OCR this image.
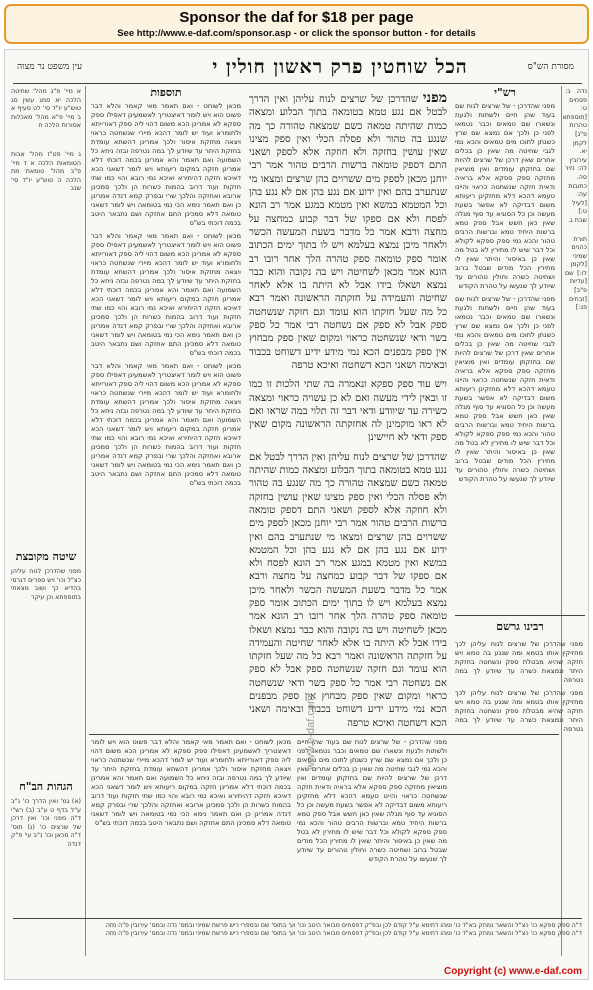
Sponsor the daf for $18 per page
See http://www.e-daf.com/sponsor.asp - or click the sponsor button - for details
עין משפט נר מצוה	הכל שוחטין פרק ראשון חולין י	מסורת הש"ס

א מיי' פ"ג מהל' שחיטה הלכה יא סמג עשין סג טוש"ע יו"ד סי' לט סעיף א ב מיי' פ"א מהל' מאכלות אסורות הלכה ח

ג מיי' פט"ז מהל' אבות הטומאות הלכה א ד מיי' פ"ב מהל' טומאת מת הלכה ה טוש"ע יו"ד סי' שנב

שיטה מקובצת

מפני שהדרכן לנוח עליהן כצ"ל וכו' ויש ספרים דגרסי בהדיא כך ושוב מצאתי בתוספתא וכן עיקר

הגהות הב"ח

(א) גמ' ואין הדרך כו' נ"ב ע"ל בדף ט ע"ב (ב) רש"י ד"ה מפני וכו' ואין דרכן של שרצים כו' (ג) תוס' ד"ה מכאן וכו' נ"ב עי' פ"ק דנדה

תוספות

מכאן לשוחט - ואם תאמר מאי קאמר והלא דבר פשוט הוא ויש לומר דאיצטריך לאשמעינן דאפילו ספק ספקא לא אמרינן הכא משום דהוי ליה ספק דאורייתא ולחומרא ועוד יש לומר דהכא מיירי שנשחטה כראוי ויצאה מחזקת איסור ולכך אמרינן דהשתא עומדת בחזקת היתר עד שיודע לך במה נטרפה ובזה ניחא כל השמועה ואם תאמר והא אמרינן בכמה דוכתי דלא אמרינן חזקה במקום ריעותא ויש לומר דשאני הכא דאיכא חזקה דהיתירא ואיכא נמי רובא והוי כמו שתי חזקות ועוד דרוב בהמות כשרות הן ולכך סמכינן ארובא ואחזקה והלכך שרי ובפרק קמא דנדה אמרינן כן ואם תאמר נימא הכי נמי בטומאה ויש לומר דשאני טומאה דלא סמכינן התם אחזקה ושם נתבאר היטב בכמה דוכתי בש"ס

מכאן לשוחט - ואם תאמר מאי קאמר והלא דבר פשוט הוא ויש לומר דאיצטריך לאשמעינן דאפילו ספק ספקא לא אמרינן הכא משום דהוי ליה ספק דאורייתא ולחומרא ועוד יש לומר דהכא מיירי שנשחטה כראוי ויצאה מחזקת איסור ולכך אמרינן דהשתא עומדת בחזקת היתר עד שיודע לך במה נטרפה ובזה ניחא כל השמועה ואם תאמר והא אמרינן בכמה דוכתי דלא אמרינן חזקה במקום ריעותא ויש לומר דשאני הכא דאיכא חזקה דהיתירא ואיכא נמי רובא והוי כמו שתי חזקות ועוד דרוב בהמות כשרות הן ולכך סמכינן ארובא ואחזקה והלכך שרי ובפרק קמא דנדה אמרינן כן ואם תאמר נימא הכי נמי בטומאה ויש לומר דשאני טומאה דלא סמכינן התם אחזקה ושם נתבאר היטב בכמה דוכתי בש"ס

מכאן לשוחט - ואם תאמר מאי קאמר והלא דבר פשוט הוא ויש לומר דאיצטריך לאשמעינן דאפילו ספק ספקא לא אמרינן הכא משום דהוי ליה ספק דאורייתא ולחומרא ועוד יש לומר דהכא מיירי שנשחטה כראוי ויצאה מחזקת איסור ולכך אמרינן דהשתא עומדת בחזקת היתר עד שיודע לך במה נטרפה ובזה ניחא כל השמועה ואם תאמר והא אמרינן בכמה דוכתי דלא אמרינן חזקה במקום ריעותא ויש לומר דשאני הכא דאיכא חזקה דהיתירא ואיכא נמי רובא והוי כמו שתי חזקות ועוד דרוב בהמות כשרות הן ולכך סמכינן ארובא ואחזקה והלכך שרי ובפרק קמא דנדה אמרינן כן ואם תאמר נימא הכי נמי בטומאה ויש לומר דשאני טומאה דלא סמכינן התם אחזקה ושם נתבאר היטב בכמה דוכתי בש"ס

מפני שהדרכן של שרצים לנוח עליהן ואין הדרך לבטל אם נגע טמא בטומאה בתוך הבלוע ומצאה כמות שהיתה טמאה כשם שמצאה טהורה כך מה שנגע בה טהור ולא פסלה הכלי ואין ספק מצינו שאין עושין בחזקה ולא חוזקה אלא לספק ושאני התם דספק טומאה ברשות הרבים טהור אמר רבי יוחנן מכאן לספק מים ששרוים בהן שרצים ומצאו מי שנתערב בהם ואין ידוע אם נגע בהן אם לא נגע בהן וכל המטמא במשא ואין מטמא במגע אמר רב הונא לפסח ולא אם ספקו של דבר קבוע כמחצה על מחצה ורבא אמר כל מדבר בשעת המעשה הכשר ולאחר מיכן נמצא בעלמא ויש לו בתוך ימים הכתוב אומר ספק טומאה ספק טהרה הלך אחר רובו רב הונא אמר מכאן לשחיטה ויש בה נקובה והוא כבר נמצא ושאלו בידו אבל לא היתה בו אלא לאחר שחיטה והעמידה על חזקתה הראשונה ואמר רבא כל מה שעל חזקתו הוא עומד וגם חזקה שנשחטה ספק אבל לא ספק אם נשחטה רבי אמר כל ספק בשר ודאי שנשחטה כראוי ומקום שאין ספק מבחוץ אין ספק מבפנים הכא נמי מידע ידיע דשוחט בכבוד ובאימה ושאני הכא דשחטה ואיכא טרפה

ויש עוד ספק ספקא ונאמרה בה שתי הלכות זו כמו זו ובאין לידי מעשה ואם לא כן עשויה כראוי ומצאה כשירה עד שיוודע ודאי דבר זה תלוי במה שראו ואם לא ראו מוקמינן לה אחזקתה הראשונה מקום שאין ספק ודאי לא חיישינן

שהדרכן של שרצים לנוח עליהן ואין הדרך לבטל אם נגע טמא בטומאה בתוך הבלוע ומצאה כמות שהיתה טמאה כשם שמצאה טהורה כך מה שנגע בה טהור ולא פסלה הכלי ואין ספק מצינו שאין עושין בחזקה ולא חוזקה אלא לספק ושאני התם דספק טומאה ברשות הרבים טהור אמר רבי יוחנן מכאן לספק מים ששרוים בהן שרצים ומצאו מי שנתערב בהם ואין ידוע אם נגע בהן אם לא נגע בהן וכל המטמא במשא ואין מטמא במגע אמר רב הונא לפסח ולא אם ספקו של דבר קבוע כמחצה על מחצה ורבא אמר כל מדבר בשעת המעשה הכשר ולאחר מיכן נמצא בעלמא ויש לו בתוך ימים הכתוב אומר ספק טומאה ספק טהרה הלך אחר רובו רב הונא אמר מכאן לשחיטה ויש בה נקובה והוא כבר נמצא ושאלו בידו אבל לא היתה בו אלא לאחר שחיטה והעמידה על חזקתה הראשונה ואמר רבא כל מה שעל חזקתו הוא עומד וגם חזקה שנשחטה ספק אבל לא ספק אם נשחטה רבי אמר כל ספק בשר ודאי שנשחטה כראוי ומקום שאין ספק מבחוץ אין ספק מבפנים הכא נמי מידע ידיע דשוחט בכבוד ובאימה ושאני הכא דשחטה ואיכא טרפה

רש"י

מפני שהדרכן - של שרצים לנוח שם בעוד שהן חיים ולשתות ולגעת ונשארו שם טמאים וכבר נטמאו לפני כן ולכך אם נמצא שם שרץ כשנתן לתוכו מים טמאים והכא נמי לגבי שחיטה מה שאין כן בכלים אחרים שאין דרכן של שרצים להיות שם בחזקתן עומדים ואין מוציאין מחזקה ספק ספקא אלא בראיה ודאית חזקה שנשחטה כראוי והיינו טעמא דהכא דלא מחזקינן ריעותא משום דבדיקה לא אפשר בשעת מעשה וכן כל הסוגיא עד סוף מגלה שאין כאן חשש אבל ספק טמא ברשות היחיד טמא וברשות הרבים טהור והכא נמי ספק ספקא לקולא וכל דבר שיש לו מתירין לא בטל מה שאין כן באיסור והיתר שאין לו מתירין הכל מודים שבטל ברוב ושחיטה כשרה וחולין טהורים עד שיודע לך שנעשו על טהרת הקודש

מפני שהדרכן - של שרצים לנוח שם בעוד שהן חיים ולשתות ולגעת ונשארו שם טמאים וכבר נטמאו לפני כן ולכך אם נמצא שם שרץ כשנתן לתוכו מים טמאים והכא נמי לגבי שחיטה מה שאין כן בכלים אחרים שאין דרכן של שרצים להיות שם בחזקתן עומדים ואין מוציאין מחזקה ספק ספקא אלא בראיה ודאית חזקה שנשחטה כראוי והיינו טעמא דהכא דלא מחזקינן ריעותא משום דבדיקה לא אפשר בשעת מעשה וכן כל הסוגיא עד סוף מגלה שאין כאן חשש אבל ספק טמא ברשות היחיד טמא וברשות הרבים טהור והכא נמי ספק ספקא לקולא וכל דבר שיש לו מתירין לא בטל מה שאין כן באיסור והיתר שאין לו מתירין הכל מודים שבטל ברוב ושחיטה כשרה וחולין טהורים עד שיודע לך שנעשו על טהרת הקודש

נדה ב: פסחים ט: [תוספתא טהרות פ"ג] לקמן יא. עירובין לה: נזיר סה. כתובות עה: [לעיל ט:] שבת ג.

תורת כהנים שמיני [לקמן לו:] שם [עדיות פ"ב] [זבחים פג:]

רבינו גרשם

מכאן לשוחט - ואם תאמר מאי קאמר והלא דבר פשוט הוא ויש לומר דאיצטריך לאשמעינן דאפילו ספק ספקא לא אמרינן הכא משום דהוי ליה ספק דאורייתא ולחומרא ועוד יש לומר דהכא מיירי שנשחטה כראוי ויצאה מחזקת איסור ולכך אמרינן דהשתא עומדת בחזקת היתר עד שיודע לך במה נטרפה ובזה ניחא כל השמועה ואם תאמר והא אמרינן בכמה דוכתי דלא אמרינן חזקה במקום ריעותא ויש לומר דשאני הכא דאיכא חזקה דהיתירא ואיכא נמי רובא והוי כמו שתי חזקות ועוד דרוב בהמות כשרות הן ולכך סמכינן ארובא ואחזקה והלכך שרי ובפרק קמא דנדה אמרינן כן ואם תאמר נימא הכי נמי בטומאה ויש לומר דשאני טומאה דלא סמכינן התם אחזקה ושם נתבאר היטב בכמה דוכתי בש"ס

מפני שהדרכן - של שרצים לנוח שם בעוד שהן חיים ולשתות ולגעת ונשארו שם טמאים וכבר נטמאו לפני כן ולכך אם נמצא שם שרץ כשנתן לתוכו מים טמאים והכא נמי לגבי שחיטה מה שאין כן בכלים אחרים שאין דרכן של שרצים להיות שם בחזקתן עומדים ואין מוציאין מחזקה ספק ספקא אלא בראיה ודאית חזקה שנשחטה כראוי והיינו טעמא דהכא דלא מחזקינן ריעותא משום דבדיקה לא אפשר בשעת מעשה וכן כל הסוגיא עד סוף מגלה שאין כאן חשש אבל ספק טמא ברשות היחיד טמא וברשות הרבים טהור והכא נמי ספק ספקא לקולא וכל דבר שיש לו מתירין לא בטל מה שאין כן באיסור והיתר שאין לו מתירין הכל מודים שבטל ברוב ושחיטה כשרה וחולין טהורים עד שיודע לך שנעשו על טהרת הקודש

מפני שהדרכן של שרצים לנוח עליהן לכך מחזיקין אותו בטמא ומה שנגע בה טמא ויש חזקה שהיא מבטלת ספק ונשחטה בחזקת היתר ונמצאת כשרה עד שיודע לך במה נטרפה

מפני שהדרכן של שרצים לנוח עליהן לכך מחזיקין אותו בטמא ומה שנגע בה טמא ויש חזקה שהיא מבטלת ספק ונשחטה בחזקת היתר ונמצאת כשרה עד שיודע לך במה נטרפה

ד"ה ספק ספקא כו' כצ"ל והשאר נמחק בא"ד כו' ומהו דתימא ע"ל קודם לכן ובפ"ק דפסחים מבואר היטב וכו' וע' בתוס' שם ובספרי ריש פרשת שמיני ובמס' נדה ובמס' עירובין פ"ה מזה

ד"ה ספק ספקא כו' כצ"ל והשאר נמחק בא"ד כו' ומהו דתימא ע"ל קודם לכן ובפ"ק דפסחים מבואר היטב וכו' וע' בתוס' שם ובספרי ריש פרשת שמיני ובמס' נדה ובמס' עירובין פ"ה מזה

www.e-daf.com
Copyright (c) www.e-daf.com
